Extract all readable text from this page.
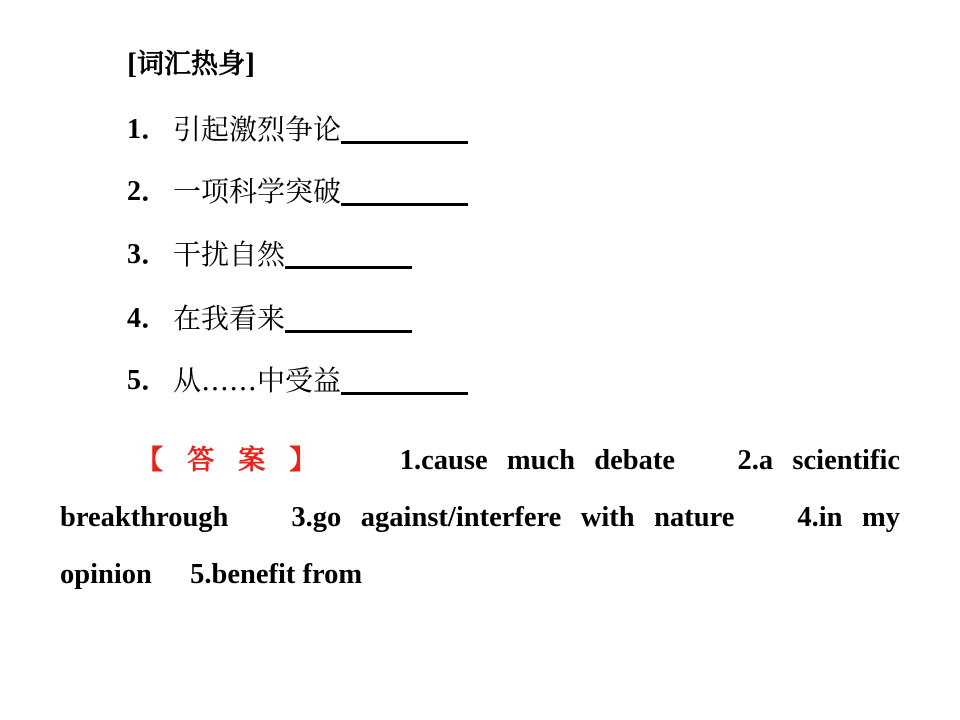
[词汇热身]
1． 引起激烈争论
2． 一项科学突破
3． 干扰自然
4． 在我看来
5． 从……中受益
【答案】 1.cause much debate 2.a scientific breakthrough 3.go against/interfere with nature 4.in my opinion 5.benefit from
